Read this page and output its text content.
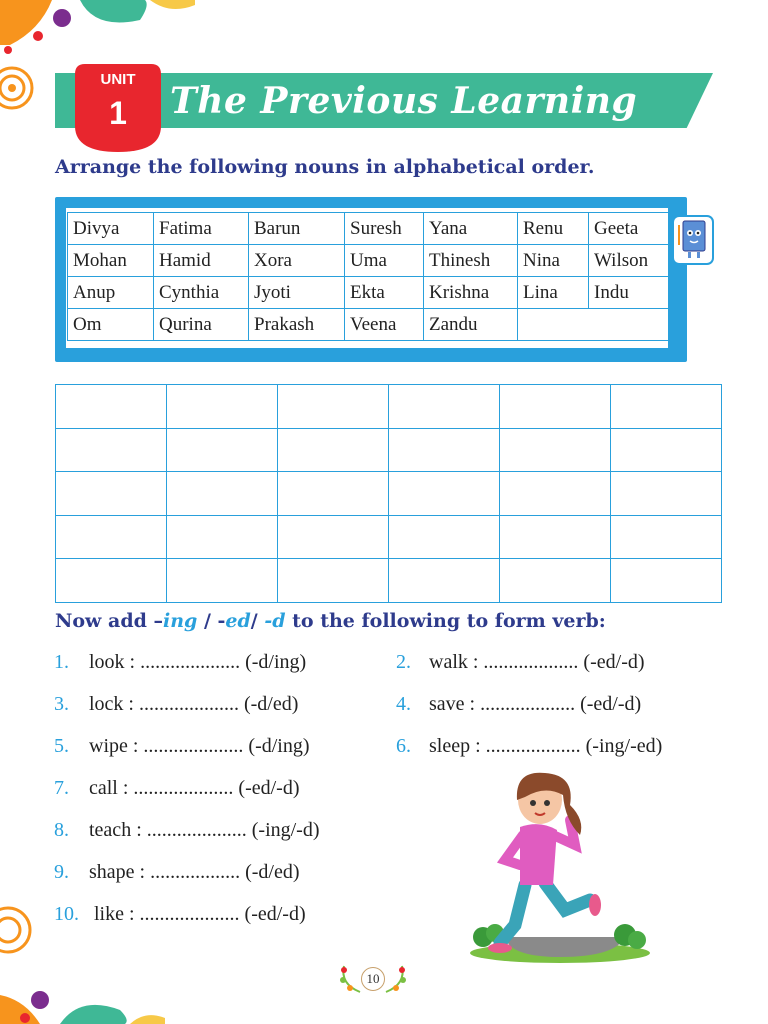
UNIT
1 The Previous Learning
Arrange the following nouns in alphabetical order.
Divya	Fatima	Barun	Suresh	Yana	Renu	Geeta
Mohan	Hamid	Xora	Uma	Thinesh	Nina	Wilson
Anup	Cynthia	Jyoti	Ekta	Krishna	Lina	Indu
Om	Qurina	Prakash	Veena	Zandu		

Now add –ing / -ed/ -d to the following to form verb:
1. look : .................... (-d/ing)	2. walk : ................... (-ed/-d)
3. lock : .................... (-d/ed)	4. save : ................... (-ed/-d)
5. wipe : .................... (-d/ing)	6. sleep : ................... (-ing/-ed)
7. call : .................... (-ed/-d)
8. teach : .................... (-ing/-d)
9. shape : .................. (-d/ed)
10. like : .................... (-ed/-d)
10
